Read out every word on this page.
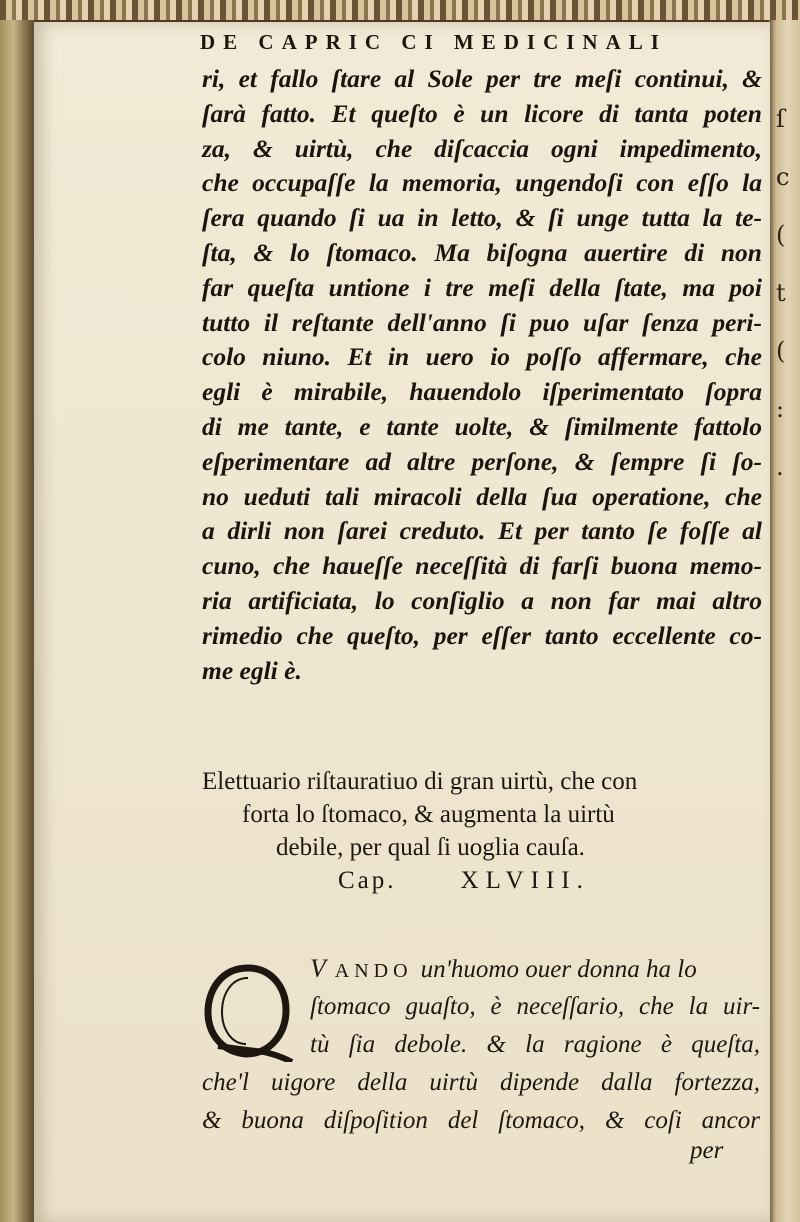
ſ
c
(
t
(
:
.
DE CAPRIC CI MEDICINALI
ri, et fallo ſtare al Sole per tre meſi continui, &
ſarà fatto. Et queſto è un licore di tanta poten
za, & uirtù, che diſcaccia ogni impedimento,
che occupaſſe la memoria, ungendoſi con eſſo la
ſera quando ſi ua in letto, & ſi unge tutta la te-
ſta, & lo ſtomaco. Ma biſogna auertire di non
far queſta untione i tre meſi della ſtate, ma poi
tutto il reſtante dell'anno ſi puo uſar ſenza peri-
colo niuno. Et in uero io poſſo affermare, che
egli è mirabile, hauendolo iſperimentato ſopra
di me tante, e tante uolte, & ſimilmente fattolo
eſperimentare ad altre perſone, & ſempre ſi ſo-
no ueduti tali miracoli della ſua operatione, che
a dirli non ſarei creduto. Et per tanto ſe foſſe al
cuno, che haueſſe neceſſità di farſi buona memo-
ria artificiata, lo conſiglio a non far mai altro
rimedio che queſto, per eſſer tanto eccellente co-
me egli è.
Elettuario riſtauratiuo di gran uirtù, che con
forta lo ſtomaco, & augmenta la uirtù
debile, per qual ſi uoglia cauſa.
Cap.	XLVIII.
Q
V ANDO un'huomo ouer donna ha lo
ſtomaco guaſto, è neceſſario, che la uir-
tù ſia debole. & la ragione è queſta,
che'l uigore della uirtù dipende dalla fortezza,
& buona diſpoſition del ſtomaco, & coſi ancor
per
